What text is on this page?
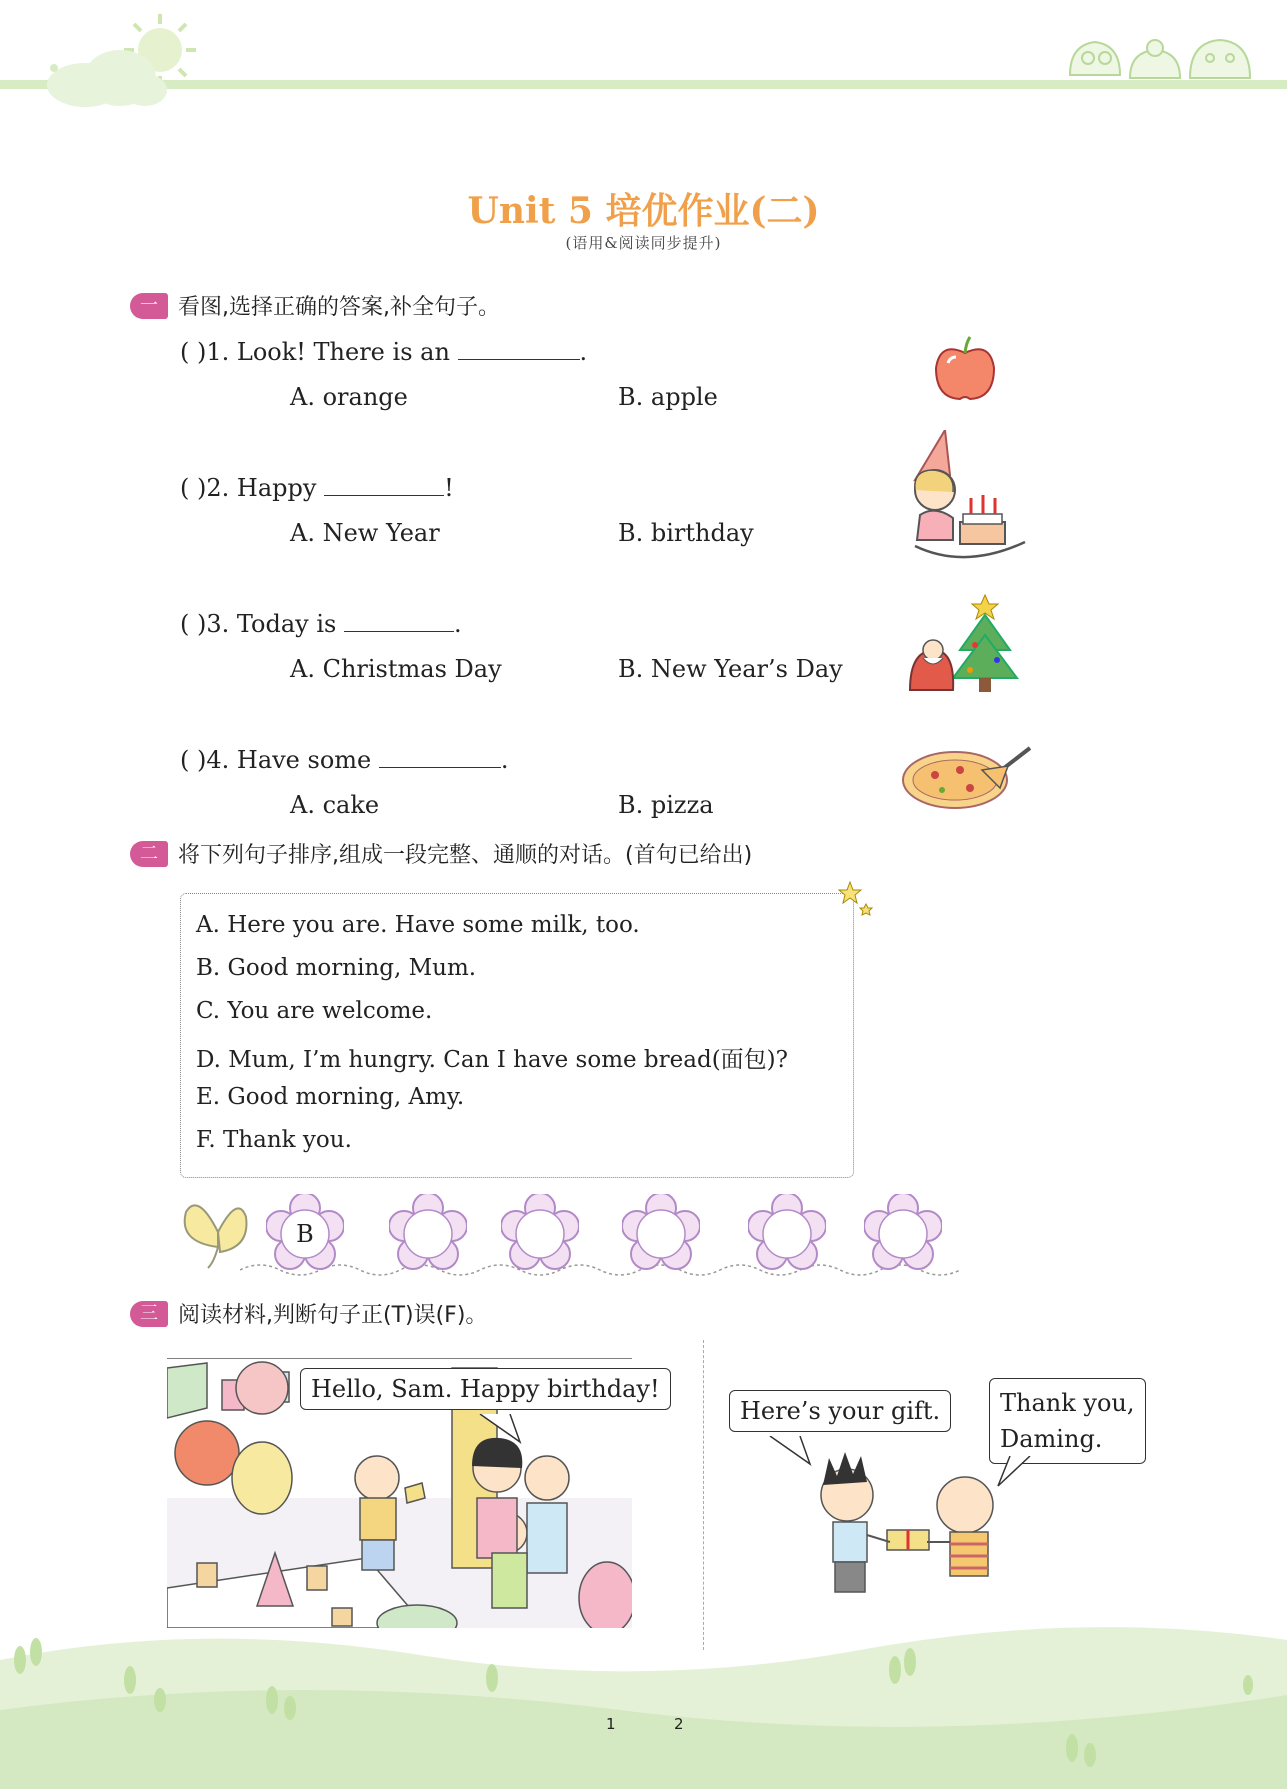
Unit 5 培优作业(二)
(语用&阅读同步提升)
一 看图,选择正确的答案,补全句子。
( )1. Look! There is an	.
A. orange	B. apple
( )2. Happy	!
A. New Year	B. birthday
( )3. Today is	.
A. Christmas Day	B. New Year’s Day
( )4. Have some	.
A. cake	B. pizza
二 将下列句子排序,组成一段完整、通顺的对话。(首句已给出)
A. Here you are. Have some milk, too.
B. Good morning, Mum.
C. You are welcome.
D. Mum, I’m hungry. Can I have some bread(面包)?
E. Good morning, Amy.
F. Thank you.
B
三 阅读材料,判断句子正(T)误(F)。
Hello, Sam. Happy birthday!
Here’s your gift.	Thank you,
Daming.
1	2
